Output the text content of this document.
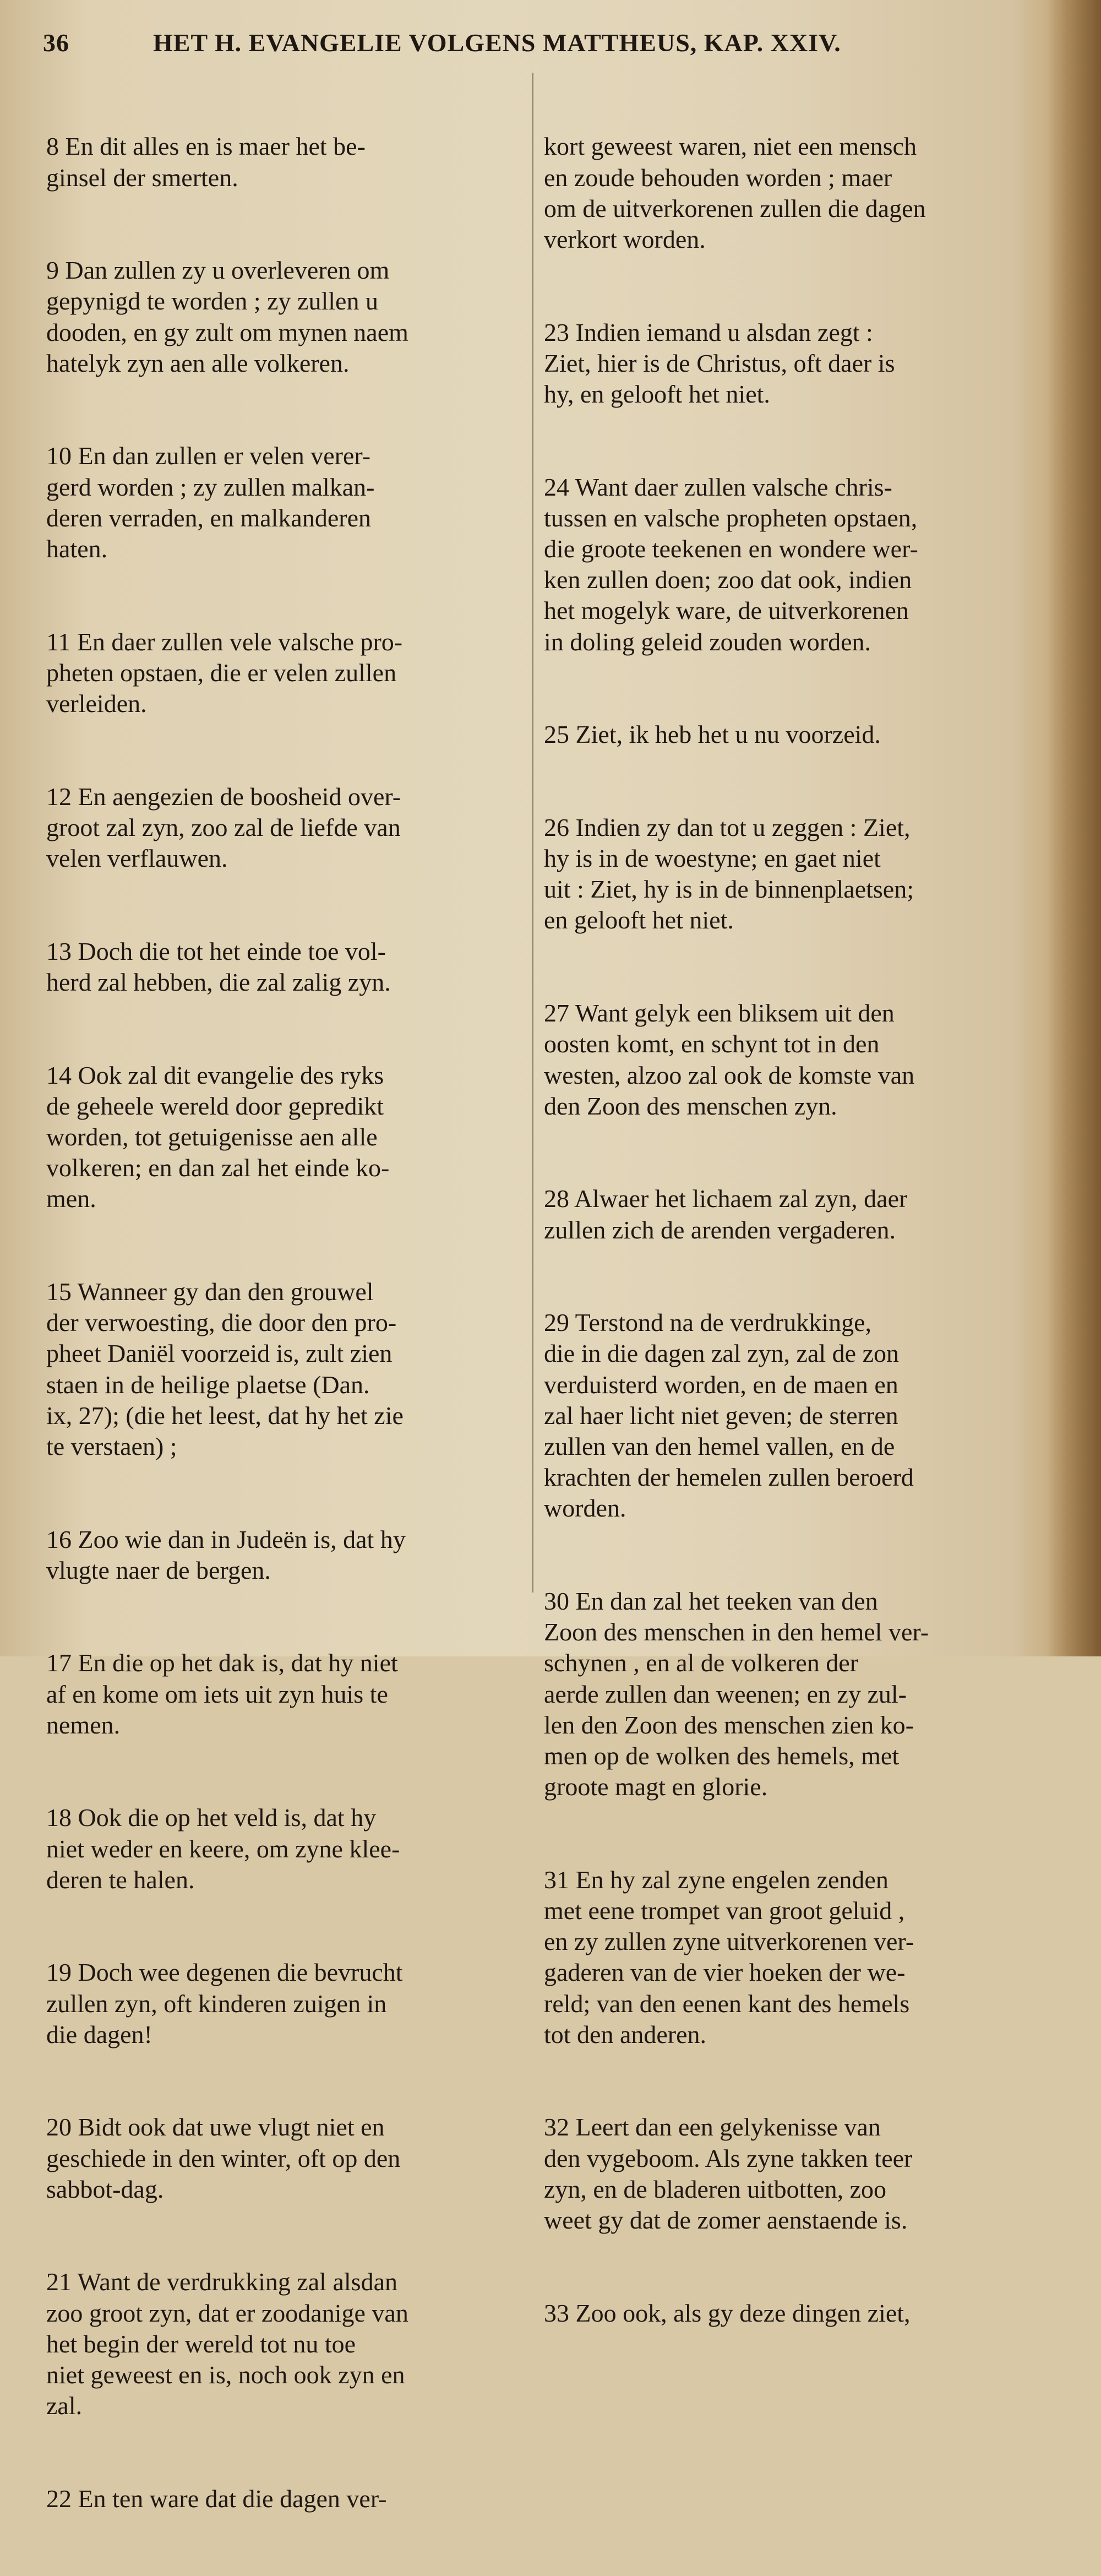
36	HET H. EVANGELIE VOLGENS MATTHEUS, KAP. XXIV.

8 En dit alles en is maer het be-
ginsel der smerten.

9 Dan zullen zy u overleveren om
gepynigd te worden ; zy zullen u
dooden, en gy zult om mynen naem
hatelyk zyn aen alle volkeren.

10 En dan zullen er velen verer-
gerd worden ; zy zullen malkan-
deren verraden, en malkanderen
haten.

11 En daer zullen vele valsche pro-
pheten opstaen, die er velen zullen
verleiden.

12 En aengezien de boosheid over-
groot zal zyn, zoo zal de liefde van
velen verflauwen.

13 Doch die tot het einde toe vol-
herd zal hebben, die zal zalig zyn.

14 Ook zal dit evangelie des ryks
de geheele wereld door gepredikt
worden, tot getuigenisse aen alle
volkeren; en dan zal het einde ko-
men.

15 Wanneer gy dan den grouwel
der verwoesting, die door den pro-
pheet Daniël voorzeid is, zult zien
staen in de heilige plaetse (Dan.
ix, 27); (die het leest, dat hy het zie
te verstaen) ;

16 Zoo wie dan in Judeën is, dat hy
vlugte naer de bergen.

17 En die op het dak is, dat hy niet
af en kome om iets uit zyn huis te
nemen.

18 Ook die op het veld is, dat hy
niet weder en keere, om zyne klee-
deren te halen.

19 Doch wee degenen die bevrucht
zullen zyn, oft kinderen zuigen in
die dagen!

20 Bidt ook dat uwe vlugt niet en
geschiede in den winter, oft op den
sabbot-dag.

21 Want de verdrukking zal alsdan
zoo groot zyn, dat er zoodanige van
het begin der wereld tot nu toe
niet geweest en is, noch ook zyn en
zal.

22 En ten ware dat die dagen ver-

kort geweest waren, niet een mensch
en zoude behouden worden ; maer
om de uitverkorenen zullen die dagen
verkort worden.

23 Indien iemand u alsdan zegt :
Ziet, hier is de Christus, oft daer is
hy, en gelooft het niet.

24 Want daer zullen valsche chris-
tussen en valsche propheten opstaen,
die groote teekenen en wondere wer-
ken zullen doen; zoo dat ook, indien
het mogelyk ware, de uitverkorenen
in doling geleid zouden worden.

25 Ziet, ik heb het u nu voorzeid.

26 Indien zy dan tot u zeggen : Ziet,
hy is in de woestyne; en gaet niet
uit : Ziet, hy is in de binnenplaetsen;
en gelooft het niet.

27 Want gelyk een bliksem uit den
oosten komt, en schynt tot in den
westen, alzoo zal ook de komste van
den Zoon des menschen zyn.

28 Alwaer het lichaem zal zyn, daer
zullen zich de arenden vergaderen.

29 Terstond na de verdrukkinge,
die in die dagen zal zyn, zal de zon
verduisterd worden, en de maen en
zal haer licht niet geven; de sterren
zullen van den hemel vallen, en de
krachten der hemelen zullen beroerd
worden.

30 En dan zal het teeken van den
Zoon des menschen in den hemel ver-
schynen , en al de volkeren der
aerde zullen dan weenen; en zy zul-
len den Zoon des menschen zien ko-
men op de wolken des hemels, met
groote magt en glorie.

31 En hy zal zyne engelen zenden
met eene trompet van groot geluid ,
en zy zullen zyne uitverkorenen ver-
gaderen van de vier hoeken der we-
reld; van den eenen kant des hemels
tot den anderen.

32 Leert dan een gelykenisse van
den vygeboom. Als zyne takken teer
zyn, en de bladeren uitbotten, zoo
weet gy dat de zomer aenstaende is.

33 Zoo ook, als gy deze dingen ziet,
